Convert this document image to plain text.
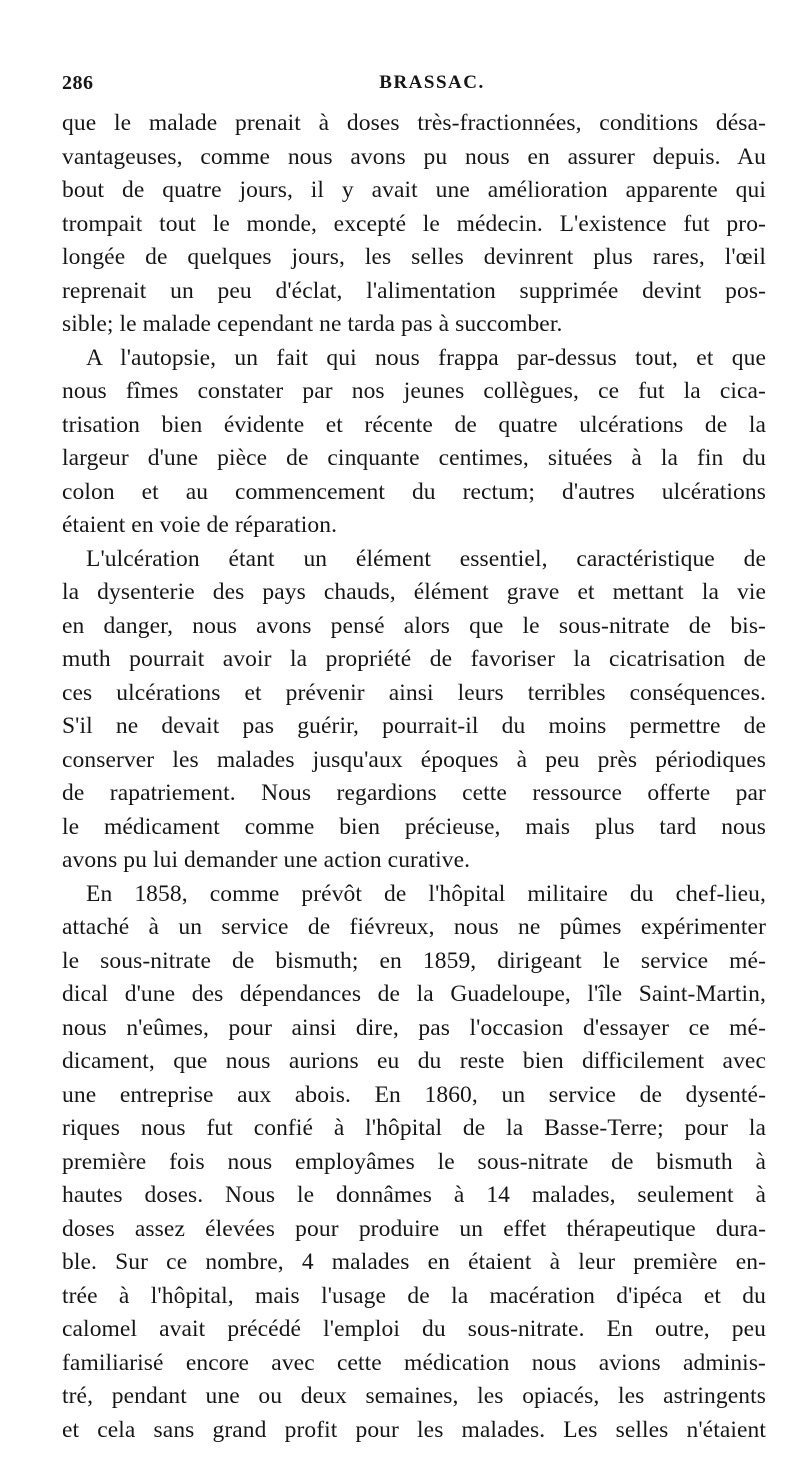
286	BRASSAC.
que le malade prenait à doses très-fractionnées, conditions désa-
vantageuses, comme nous avons pu nous en assurer depuis. Au
bout de quatre jours, il y avait une amélioration apparente qui
trompait tout le monde, excepté le médecin. L'existence fut pro-
longée de quelques jours, les selles devinrent plus rares, l'œil
reprenait un peu d'éclat, l'alimentation supprimée devint pos-
sible; le malade cependant ne tarda pas à succomber.
A l'autopsie, un fait qui nous frappa par-dessus tout, et que
nous fîmes constater par nos jeunes collègues, ce fut la cica-
trisation bien évidente et récente de quatre ulcérations de la
largeur d'une pièce de cinquante centimes, situées à la fin du
colon et au commencement du rectum; d'autres ulcérations
étaient en voie de réparation.
L'ulcération étant un élément essentiel, caractéristique de
la dysenterie des pays chauds, élément grave et mettant la vie
en danger, nous avons pensé alors que le sous-nitrate de bis-
muth pourrait avoir la propriété de favoriser la cicatrisation de
ces ulcérations et prévenir ainsi leurs terribles conséquences.
S'il ne devait pas guérir, pourrait-il du moins permettre de
conserver les malades jusqu'aux époques à peu près périodiques
de rapatriement. Nous regardions cette ressource offerte par
le médicament comme bien précieuse, mais plus tard nous
avons pu lui demander une action curative.
En 1858, comme prévôt de l'hôpital militaire du chef-lieu,
attaché à un service de fiévreux, nous ne pûmes expérimenter
le sous-nitrate de bismuth; en 1859, dirigeant le service mé-
dical d'une des dépendances de la Guadeloupe, l'île Saint-Martin,
nous n'eûmes, pour ainsi dire, pas l'occasion d'essayer ce mé-
dicament, que nous aurions eu du reste bien difficilement avec
une entreprise aux abois. En 1860, un service de dysenté-
riques nous fut confié à l'hôpital de la Basse-Terre; pour la
première fois nous employâmes le sous-nitrate de bismuth à
hautes doses. Nous le donnâmes à 14 malades, seulement à
doses assez élevées pour produire un effet thérapeutique dura-
ble. Sur ce nombre, 4 malades en étaient à leur première en-
trée à l'hôpital, mais l'usage de la macération d'ipéca et du
calomel avait précédé l'emploi du sous-nitrate. En outre, peu
familiarisé encore avec cette médication nous avions adminis-
tré, pendant une ou deux semaines, les opiacés, les astringents
et cela sans grand profit pour les malades. Les selles n'étaient
